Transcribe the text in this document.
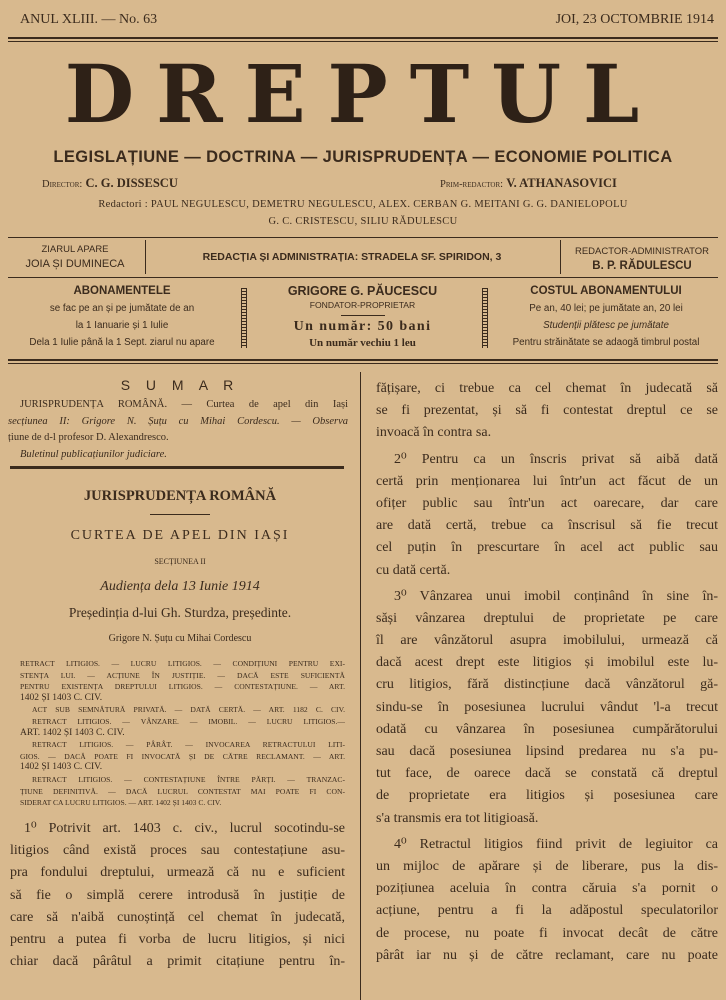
ANUL XLIII. — No. 63	JOI, 23 OCTOMBRIE 1914
DREPTUL
LEGISLAȚIUNE — DOCTRINA — JURISPRUDENȚA — ECONOMIE POLITICA
Director: C. G. DISSESCU	Prim-redactor: V. ATHANASOVICI
Redactori : PAUL NEGULESCU, DEMETRU NEGULESCU, ALEX. CERBAN G. MEITANI G. G. DANIELOPOLU
G. C. CRISTESCU, SILIU RĂDULESCU
ZIARUL APARE
JOIA ȘI DUMINECA
REDACȚIA ȘI ADMINISTRAȚIA: STRADELA SF. SPIRIDON, 3	REDACTOR-ADMINISTRATOR
B. P. RĂDULESCU
ABONAMENTELE
se fac pe an și pe jumătate de an
la 1 Ianuarie și 1 Iulie
Dela 1 Iulie până la 1 Sept. ziarul nu apare
GRIGORE G. PĂUCESCU
FONDATOR-PROPRIETAR
Un număr: 50 bani
Un număr vechiu 1 leu
COSTUL ABONAMENTULUI
Pe an, 40 lei; pe jumătate an, 20 lei
Studenții plătesc pe jumătate
Pentru străinătate se adaogă timbrul postal
S U M A R
JURISPRUDENȚA ROMÂNĂ. — Curtea de apel din Iași
secțiunea II: Grigore N. Șuțu cu Mihai Cordescu. — Observa
țiune de d-l profesor D. Alexandresco.
Buletinul publicațiunilor judiciare.
JURISPRUDENȚA ROMÂNĂ
CURTEA DE APEL DIN IAȘI
SECȚIUNEA II
Audiența dela 13 Iunie 1914
Președinția d-lui Gh. Sturdza, președinte.
Grigore N. Șuțu cu Mihai Cordescu
RETRACT LITIGIOS. — LUCRU LITIGIOS. — CONDIȚIUNI PENTRU EXI-
STENȚA LUI. — ACȚIUNE ÎN JUSTIȚIE. — DACĂ ESTE SUFICIENTĂ
PENTRU EXISTENȚA DREPTULUI LITIGIOS. — CONTESTAȚIUNE. — ART.
1402 ȘI 1403 C. CIV.
ACT SUB SEMNĂTURĂ PRIVATĂ. — DATĂ CERTĂ. — ART. 1182 C. CIV.
RETRACT LITIGIOS. — VÂNZARE. — IMOBIL. — LUCRU LITIGIOS.—
ART. 1402 ȘI 1403 C. CIV.
RETRACT LITIGIOS. — PÂRÂT. — INVOCAREA RETRACTULUI LITI-
GIOS. — DACĂ POATE FI INVOCATĂ ȘI DE CĂTRE RECLAMANT. — ART.
1402 ȘI 1403 C. CIV.
RETRACT LITIGIOS. — CONTESTAȚIUNE ÎNTRE PĂRȚI. — TRANZAC-
ȚIUNE DEFINITIVĂ. — DACĂ LUCRUL CONTESTAT MAI POATE FI CON-
SIDERAT CA LUCRU LITIGIOS. — ART. 1402 ȘI 1403 C. CIV.
1⁰ Potrivit art. 1403 c. civ., lucrul socotindu-se
litigios când există proces sau contestațiune asu-
pra fondului dreptului, urmează că nu e suficient
să fie o simplă cerere introdusă în justiție de
care să n'aibă cunoștință cel chemat în judecată,
pentru a putea fi vorba de lucru litigios, și nici
chiar dacă pârâtul a primit citațiune pentru în-
fățișare, ci trebue ca cel chemat în judecată să
se fi prezentat, și să fi contestat dreptul ce se
invoacă în contra sa.
2⁰ Pentru ca un înscris privat să aibă dată
certă prin menționarea lui într'un act făcut de un
ofițer public sau într'un act oarecare, dar care
are dată certă, trebue ca înscrisul să fie trecut
cel puțin în prescurtare în acel act public sau
cu dată certă.
3⁰ Vânzarea unui imobil conținând în sine în-
săși vânzarea dreptului de proprietate pe care
îl are vânzătorul asupra imobilului, urmează că
dacă acest drept este litigios și imobilul este lu-
cru litigios, fără distincțiune dacă vânzătorul gă-
sindu-se în posesiunea lucrului vândut 'l-a trecut
odată cu vânzarea în posesiunea cumpărătorului
sau dacă posesiunea lipsind predarea nu s'a pu-
tut face, de oarece dacă se constată că dreptul
de proprietate era litigios și posesiunea care
s'a transmis era tot litigioasă.
4⁰ Retractul litigios fiind privit de legiuitor ca
un mijloc de apărare și de liberare, pus la dis-
pozițiunea aceluia în contra căruia s'a pornit o
acțiune, pentru a fi la adăpostul speculatorilor
de procese, nu poate fi invocat decât de către
pârât iar nu și de către reclamant, care nu poate
